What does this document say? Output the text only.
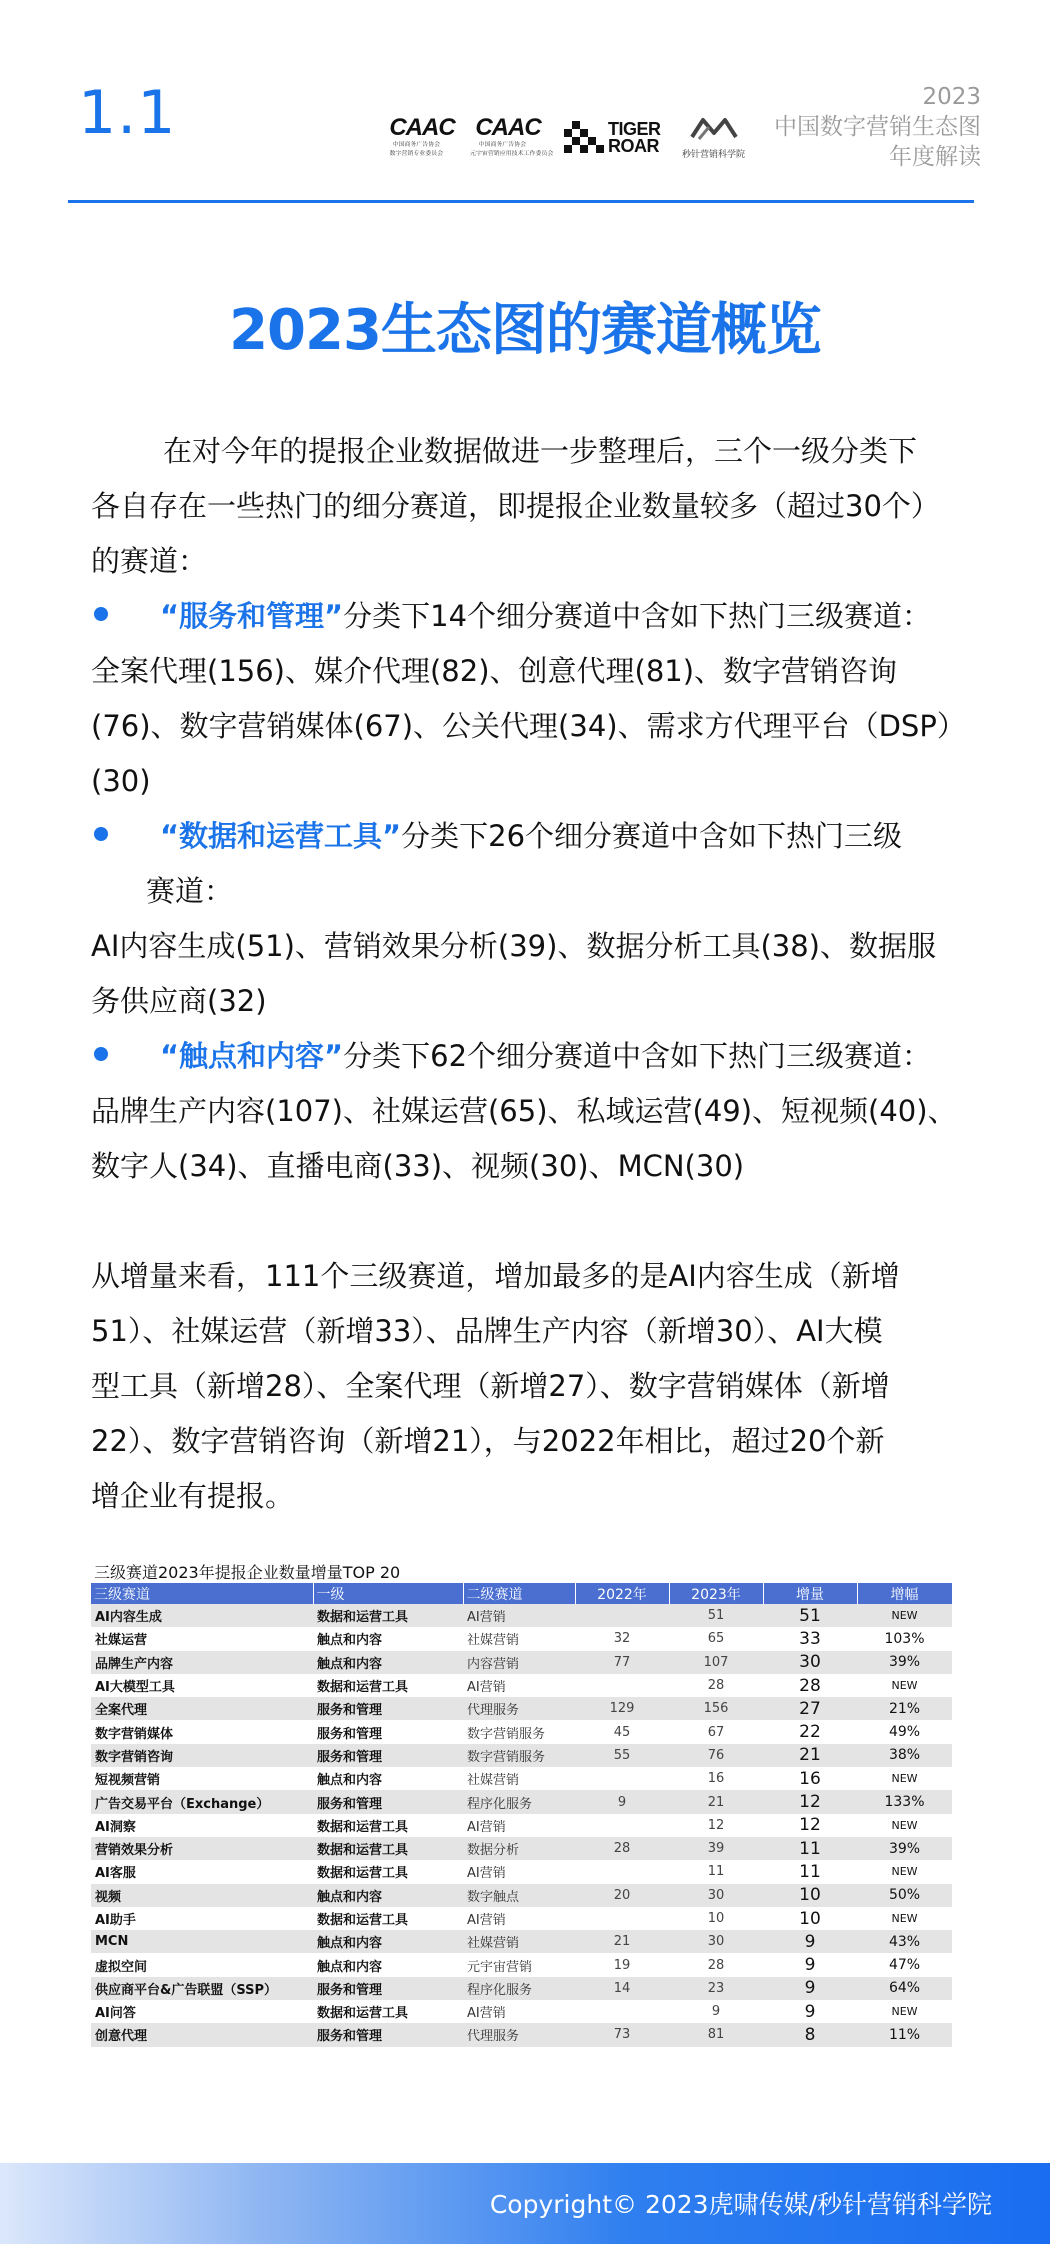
1.1	CAAC
中国商务广告协会
数字营销专业委员会
CAAC
中国商务广告协会
元宇宙营销应用技术工作委员会
TIGER
ROAR	秒针营销科学院
2023
中国数字营销生态图
年度解读
2023生态图的赛道概览

在对今年的提报企业数据做进一步整理后，三个一级分类下

各自存在一些热门的细分赛道，即提报企业数量较多（超过30个）

的赛道：

“服务和管理”分类下14个细分赛道中含如下热门三级赛道：

全案代理(156)、媒介代理(82)、创意代理(81)、数字营销咨询

(76)、数字营销媒体(67)、公关代理(34)、需求方代理平台（DSP）

(30)

“数据和运营工具”分类下26个细分赛道中含如下热门三级

赛道：

AI内容生成(51)、营销效果分析(39)、数据分析工具(38)、数据服

务供应商(32)

“触点和内容”分类下62个细分赛道中含如下热门三级赛道：

品牌生产内容(107)、社媒运营(65)、私域运营(49)、短视频(40)、

数字人(34)、直播电商(33)、视频(30)、MCN(30)

从增量来看，111个三级赛道，增加最多的是AI内容生成（新增

51）、社媒运营（新增33）、品牌生产内容（新增30）、AI大模

型工具（新增28）、全案代理（新增27）、数字营销媒体（新增

22）、数字营销咨询（新增21），与2022年相比，超过20个新

增企业有提报。

三级赛道2023年提报企业数量增量TOP 20
三级赛道	一级	二级赛道	2022年	2023年	增量	增幅
AI内容生成	数据和运营工具	AI营销		51	51	NEW
社媒运营	触点和内容	社媒营销	32	65	33	103%
品牌生产内容	触点和内容	内容营销	77	107	30	39%
AI大模型工具	数据和运营工具	AI营销		28	28	NEW
全案代理	服务和管理	代理服务	129	156	27	21%
数字营销媒体	服务和管理	数字营销服务	45	67	22	49%
数字营销咨询	服务和管理	数字营销服务	55	76	21	38%
短视频营销	触点和内容	社媒营销		16	16	NEW
广告交易平台（Exchange）	服务和管理	程序化服务	9	21	12	133%
AI洞察	数据和运营工具	AI营销		12	12	NEW
营销效果分析	数据和运营工具	数据分析	28	39	11	39%
AI客服	数据和运营工具	AI营销		11	11	NEW
视频	触点和内容	数字触点	20	30	10	50%
AI助手	数据和运营工具	AI营销		10	10	NEW
MCN	触点和内容	社媒营销	21	30	9	43%
虚拟空间	触点和内容	元宇宙营销	19	28	9	47%
供应商平台&广告联盟（SSP）	服务和管理	程序化服务	14	23	9	64%
AI问答	数据和运营工具	AI营销		9	9	NEW
创意代理	服务和管理	代理服务	73	81	8	11%
Copyright© 2023虎啸传媒/秒针营销科学院
